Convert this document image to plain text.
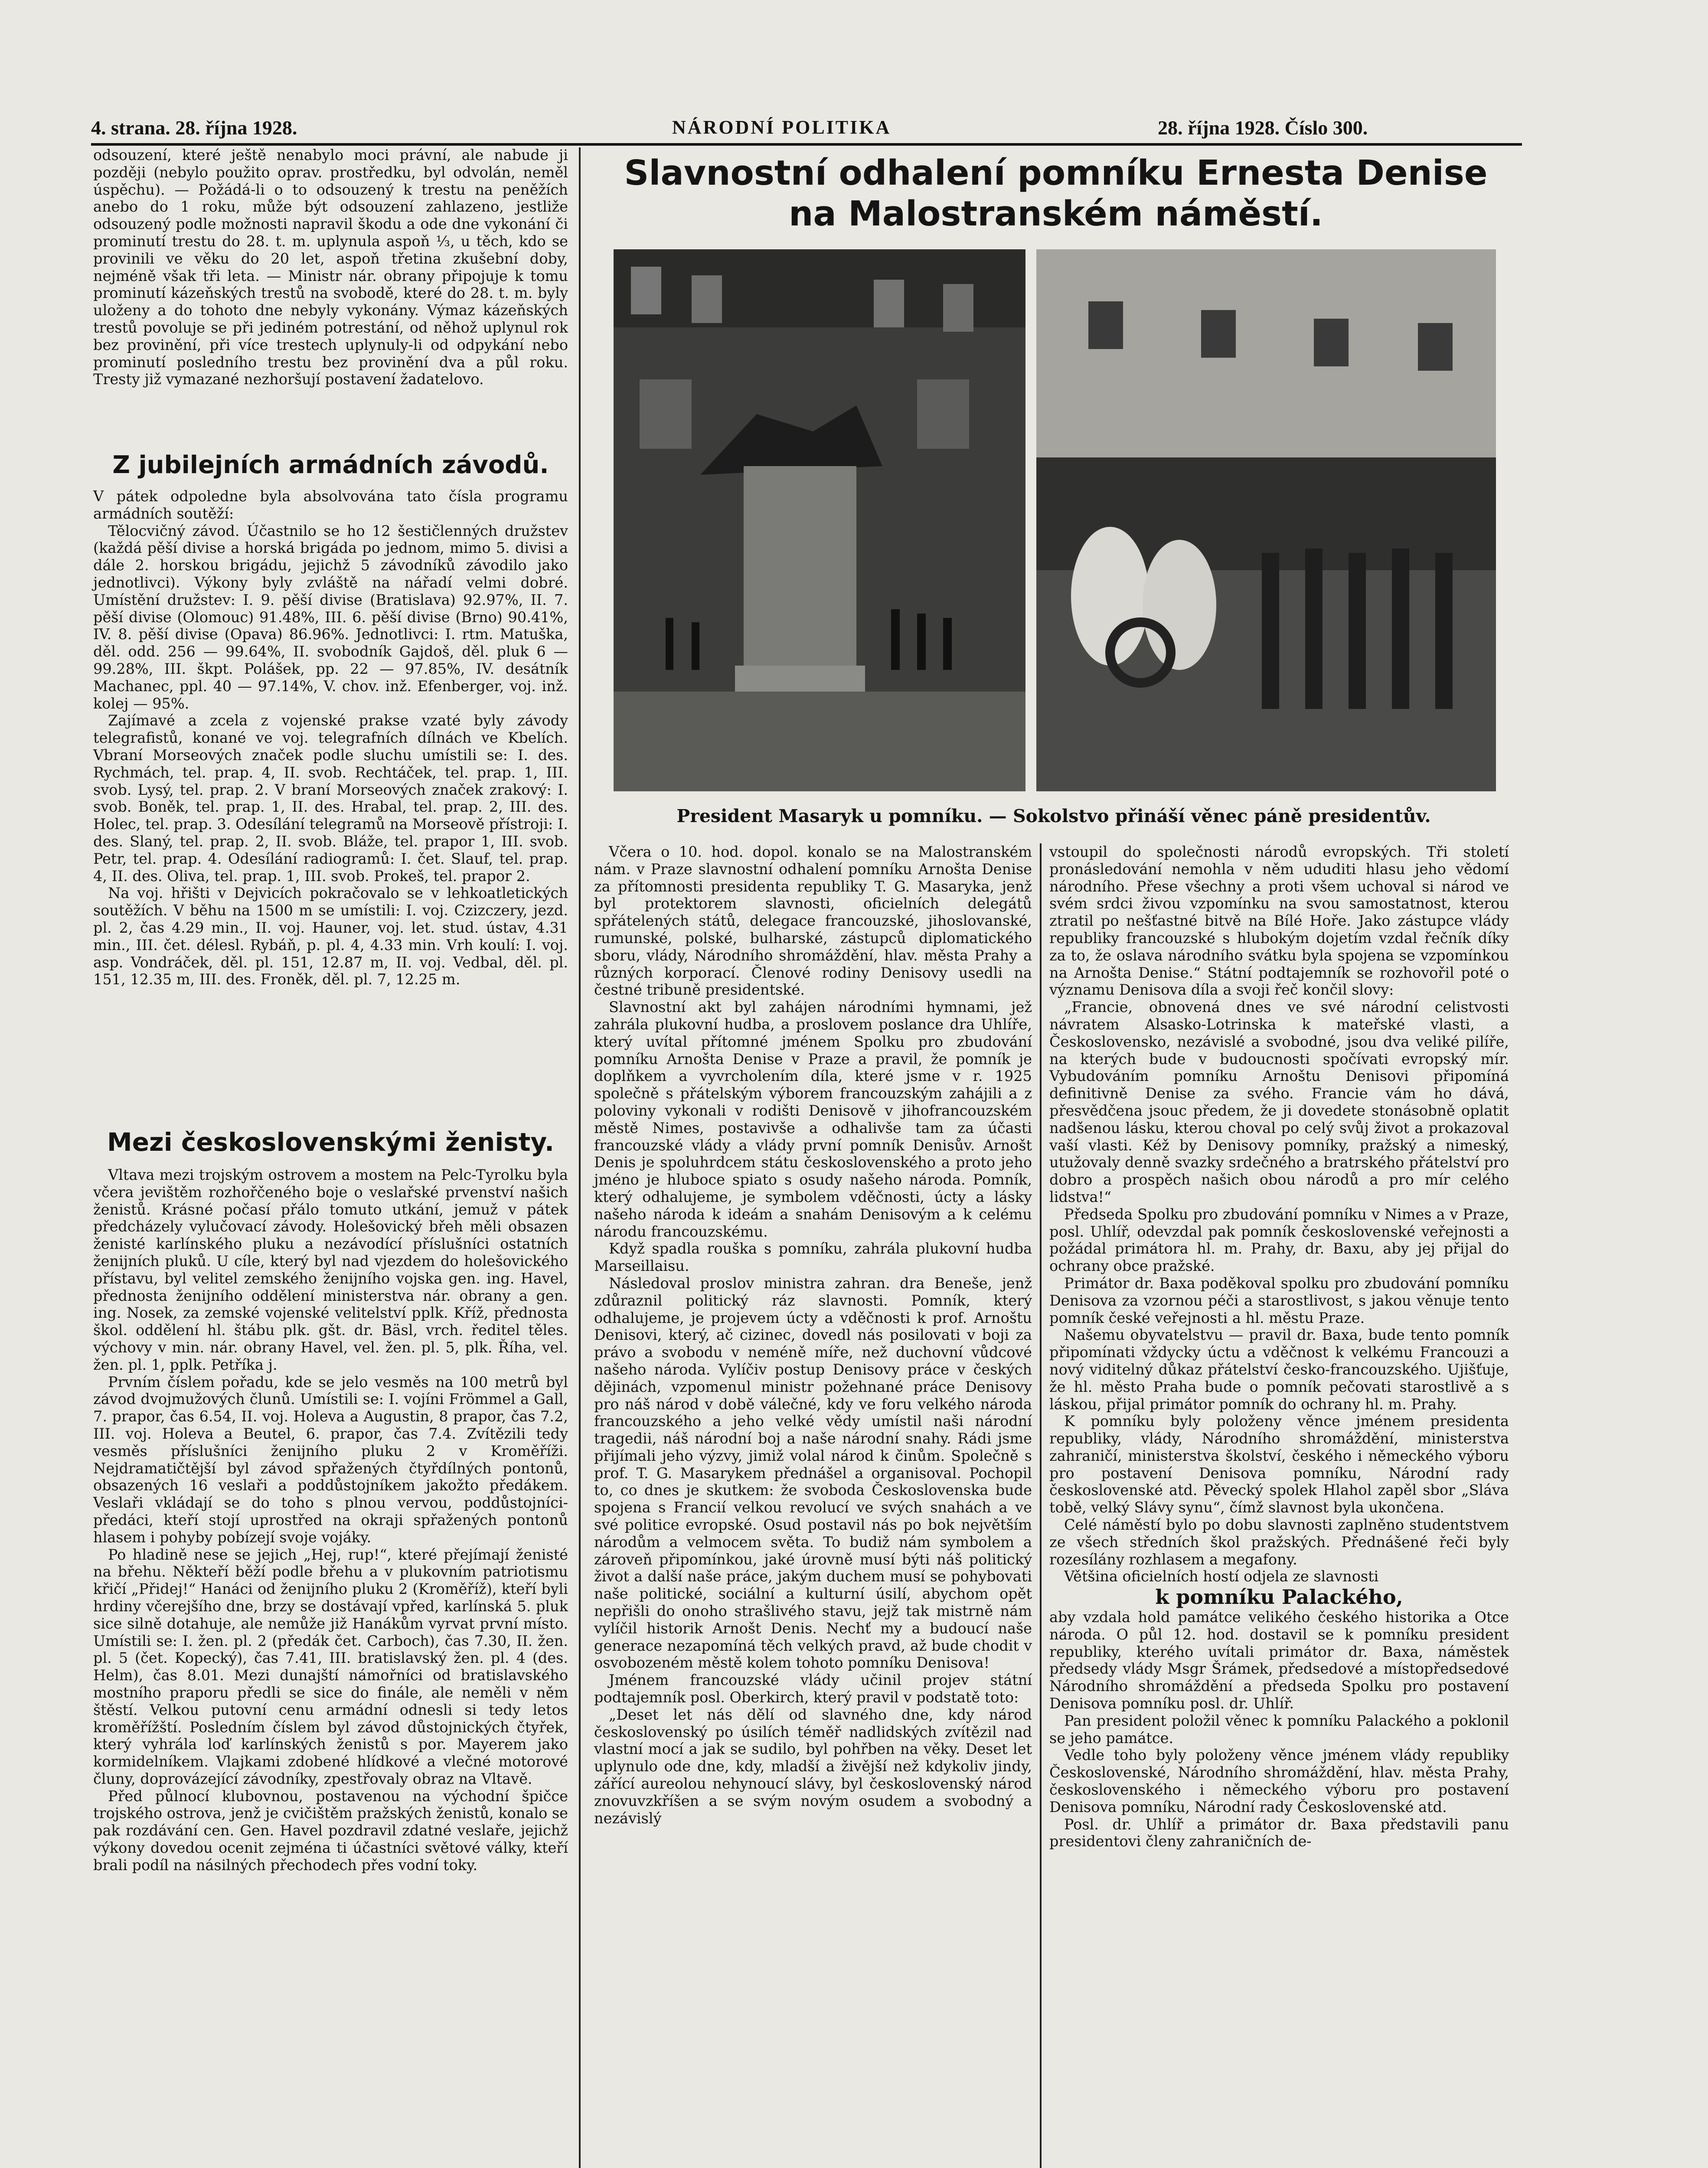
4. strana. 28. října 1928.	NÁRODNÍ POLITIKA	28. října 1928. Číslo 300.

odsouzení, které ještě nenabylo moci právní, ale nabude ji později (nebylo použito oprav. prostředku, byl odvolán, neměl úspěchu). — Požádá-li o to odsouzený k trestu na peněžích anebo do 1 roku, může být odsouzení zahlazeno, jestliže odsouzený podle možnosti napravil škodu a ode dne vykonání či prominutí trestu do 28. t. m. uplynula aspoň ⅓, u těch, kdo se provinili ve věku do 20 let, aspoň třetina zkušební doby, nejméně však tři leta. — Ministr nár. obrany připojuje k tomu prominutí kázeňských trestů na svobodě, které do 28. t. m. byly uloženy a do tohoto dne nebyly vykonány. Výmaz kázeňských trestů povoluje se při jediném potrestání, od něhož uplynul rok bez provinění, při více trestech uplynuly-li od odpykání nebo prominutí posledního trestu bez provinění dva a půl roku. Tresty již vymazané nezhoršují postavení žadatelovo.

Z jubilejních armádních závodů.

V pátek odpoledne byla absolvována tato čísla programu armádních soutěží:

Tělocvičný závod. Účastnilo se ho 12 šestičlenných družstev (každá pěší divise a horská brigáda po jednom, mimo 5. divisi a dále 2. horskou brigádu, jejichž 5 závodníků závodilo jako jednotlivci). Výkony byly zvláště na nářadí velmi dobré. Umístění družstev: I. 9. pěší divise (Bratislava) 92.97%, II. 7. pěší divise (Olomouc) 91.48%, III. 6. pěší divise (Brno) 90.41%, IV. 8. pěší divise (Opava) 86.96%. Jednotlivci: I. rtm. Matuška, děl. odd. 256 — 99.64%, II. svobodník Gajdoš, děl. pluk 6 — 99.28%, III. škpt. Polášek, pp. 22 — 97.85%, IV. desátník Machanec, ppl. 40 — 97.14%, V. chov. inž. Efenberger, voj. inž. kolej — 95%.

Zajímavé a zcela z vojenské prakse vzaté byly závody telegrafistů, konané ve voj. telegrafních dílnách ve Kbelích. Vbraní Morseových značek podle sluchu umístili se: I. des. Rychmách, tel. prap. 4, II. svob. Rechtáček, tel. prap. 1, III. svob. Lysý, tel. prap. 2. V braní Morseových značek zrakový: I. svob. Boněk, tel. prap. 1, II. des. Hrabal, tel. prap. 2, III. des. Holec, tel. prap. 3. Odesílání telegramů na Morseově přístroji: I. des. Slaný, tel. prap. 2, II. svob. Bláže, tel. prapor 1, III. svob. Petr, tel. prap. 4. Odesílání radiogramů: I. čet. Slauf, tel. prap. 4, II. des. Oliva, tel. prap. 1, III. svob. Prokeš, tel. prapor 2.

Na voj. hřišti v Dejvicích pokračovalo se v lehkoatletických soutěžích. V běhu na 1500 m se umístili: I. voj. Czizczery, jezd. pl. 2, čas 4.29 min., II. voj. Hauner, voj. let. stud. ústav, 4.31 min., III. čet. délesl. Rybáň, p. pl. 4, 4.33 min. Vrh koulí: I. voj. asp. Vondráček, děl. pl. 151, 12.87 m, II. voj. Vedbal, děl. pl. 151, 12.35 m, III. des. Froněk, děl. pl. 7, 12.25 m.

Mezi československými ženisty.

Vltava mezi trojským ostrovem a mostem na Pelc-Tyrolku byla včera jevištěm rozhořčeného boje o veslařské prvenství našich ženistů. Krásné počasí přálo tomuto utkání, jemuž v pátek předcházely vylučovací závody. Holešovický břeh měli obsazen ženisté karlínského pluku a nezávodící příslušníci ostatních ženijních pluků. U cíle, který byl nad vjezdem do holešovického přístavu, byl velitel zemského ženijního vojska gen. ing. Havel, přednosta ženijního oddělení ministerstva nár. obrany a gen. ing. Nosek, za zemské vojenské velitelství pplk. Kříž, přednosta škol. oddělení hl. štábu plk. gšt. dr. Bäsl, vrch. ředitel těles. výchovy v min. nár. obrany Havel, vel. žen. pl. 5, plk. Říha, vel. žen. pl. 1, pplk. Petříka j.

Prvním číslem pořadu, kde se jelo vesměs na 100 metrů byl závod dvojmužových člunů. Umístili se: I. vojíni Frömmel a Gall, 7. prapor, čas 6.54, II. voj. Holeva a Augustin, 8 prapor, čas 7.2, III. voj. Holeva a Beutel, 6. prapor, čas 7.4. Zvítězili tedy vesměs příslušníci ženijního pluku 2 v Kroměříži. Nejdramatičtější byl závod spřažených čtyřdílných pontonů, obsazených 16 veslaři a poddůstojníkem jakožto předákem. Veslaři vkládají se do toho s plnou vervou, poddůstojníci-předáci, kteří stojí uprostřed na okraji spřažených pontonů hlasem i pohyby pobízejí svoje vojáky.

Po hladině nese se jejich „Hej, rup!“, které přejímají ženisté na břehu. Někteří běží podle břehu a v plukovním patriotismu křičí „Přidej!“ Hanáci od ženijního pluku 2 (Kroměříž), kteří byli hrdiny včerejšího dne, brzy se dostávají vpřed, karlínská 5. pluk sice silně dotahuje, ale nemůže již Hanákům vyrvat první místo. Umístili se: I. žen. pl. 2 (předák čet. Carboch), čas 7.30, II. žen. pl. 5 (čet. Kopecký), čas 7.41, III. bratislavský žen. pl. 4 (des. Helm), čas 8.01. Mezi dunajští námořníci od bratislavského mostního praporu předli se sice do finále, ale neměli v něm štěstí. Velkou putovní cenu armádní odnesli si tedy letos kroměřížští. Posledním číslem byl závod důstojnických čtyřek, který vyhrála loď karlínských ženistů s por. Mayerem jako kormidelníkem. Vlajkami zdobené hlídkové a vlečné motorové čluny, doprovázející závodníky, zpestřovaly obraz na Vltavě.

Před půlnocí klubovnou, postavenou na východní špičce trojského ostrova, jenž je cvičištěm pražských ženistů, konalo se pak rozdávání cen. Gen. Havel pozdravil zdatné veslaře, jejichž výkony dovedou ocenit zejména ti účastníci světové války, kteří brali podíl na násilných přechodech přes vodní toky.

Slavnostní odhalení pomníku Ernesta Denise
na Malostranském náměstí.
President Masaryk u pomníku. — Sokolstvo přináší věnec páně presidentův.

Včera o 10. hod. dopol. konalo se na Malostranském nám. v Praze slavnostní odhalení pomníku Arnošta Denise za přítomnosti presidenta republiky T. G. Masaryka, jenž byl protektorem slavnosti, oficielních delegátů spřátelených států, delegace francouzské, jihoslovanské, rumunské, polské, bulharské, zástupců diplomatického sboru, vlády, Národního shromáždění, hlav. města Prahy a různých korporací. Členové rodiny Denisovy usedli na čestné tribuně presidentské.

Slavnostní akt byl zahájen národními hymnami, jež zahrála plukovní hudba, a proslovem poslance dra Uhlíře, který uvítal přítomné jménem Spolku pro zbudování pomníku Arnošta Denise v Praze a pravil, že pomník je doplňkem a vyvrcholením díla, které jsme v r. 1925 společně s přátelským výborem francouzským zahájili a z poloviny vykonali v rodišti Denisově v jihofrancouzském městě Nimes, postavivše a odhalivše tam za účasti francouzské vlády a vlády první pomník Denisův. Arnošt Denis je spoluhrdcem státu československého a proto jeho jméno je hluboce spiato s osudy našeho národa. Pomník, který odhalujeme, je symbolem vděčnosti, úcty a lásky našeho národa k ideám a snahám Denisovým a k celému národu francouzskému.

Když spadla rouška s pomníku, zahrála plukovní hudba Marseillaisu.

Následoval proslov ministra zahran. dra Beneše, jenž zdůraznil politický ráz slavnosti. Pomník, který odhalujeme, je projevem úcty a vděčnosti k prof. Arnoštu Denisovi, který, ač cizinec, dovedl nás posilovati v boji za právo a svobodu v neméně míře, než duchovní vůdcové našeho národa. Vylíčiv postup Denisovy práce v českých dějinách, vzpomenul ministr požehnané práce Denisovy pro náš národ v době válečné, kdy ve foru velkého národa francouzského a jeho velké vědy umístil naši národní tragedii, náš národní boj a naše národní snahy. Rádi jsme přijímali jeho výzvy, jimiž volal národ k činům. Společně s prof. T. G. Masarykem přednášel a organisoval. Pochopil to, co dnes je skutkem: že svoboda Československa bude spojena s Francií velkou revolucí ve svých snahách a ve své politice evropské. Osud postavil nás po bok největším národům a velmocem světa. To budiž nám symbolem a zároveň připomínkou, jaké úrovně musí býti náš politický život a další naše práce, jakým duchem musí se pohybovati naše politické, sociální a kulturní úsilí, abychom opět nepřišli do onoho strašlivého stavu, jejž tak mistrně nám vylíčil historik Arnošt Denis. Nechť my a budoucí naše generace nezapomíná těch velkých pravd, až bude chodit v osvobozeném městě kolem tohoto pomníku Denisova!

Jménem francouzské vlády učinil projev státní podtajemník posl. Oberkirch, který pravil v podstatě toto:

„Deset let nás dělí od slavného dne, kdy národ československý po úsilích téměř nadlidských zvítězil nad vlastní mocí a jak se sudilo, byl pohřben na věky. Deset let uplynulo ode dne, kdy, mladší a živější než kdykoliv jindy, zářící aureolou nehynoucí slávy, byl československý národ znovuvzkříšen a se svým novým osudem a svobodný a nezávislý

vstoupil do společnosti národů evropských. Tři století pronásledování nemohla v něm ududiti hlasu jeho vědomí národního. Přese všechny a proti všem uchoval si národ ve svém srdci živou vzpomínku na svou samostatnost, kterou ztratil po nešťastné bitvě na Bílé Hoře. Jako zástupce vlády republiky francouzské s hlubokým dojetím vzdal řečník díky za to, že oslava národního svátku byla spojena se vzpomínkou na Arnošta Denise.“ Státní podtajemník se rozhovořil poté o významu Denisova díla a svoji řeč končil slovy:

„Francie, obnovená dnes ve své národní celistvosti návratem Alsasko-Lotrinska k mateřské vlasti, a Československo, nezávislé a svobodné, jsou dva veliké pilíře, na kterých bude v budoucnosti spočívati evropský mír. Vybudováním pomníku Arnoštu Denisovi připomíná definitivně Denise za svého. Francie vám ho dává, přesvědčena jsouc předem, že ji dovedete stonásobně oplatit nadšenou lásku, kterou choval po celý svůj život a prokazoval vaší vlasti. Kéž by Denisovy pomníky, pražský a nimeský, utužovaly denně svazky srdečného a bratrského přátelství pro dobro a prospěch našich obou národů a pro mír celého lidstva!“

Předseda Spolku pro zbudování pomníku v Nimes a v Praze, posl. Uhlíř, odevzdal pak pomník československé veřejnosti a požádal primátora hl. m. Prahy, dr. Baxu, aby jej přijal do ochrany obce pražské.

Primátor dr. Baxa poděkoval spolku pro zbudování pomníku Denisova za vzornou péči a starostlivost, s jakou věnuje tento pomník české veřejnosti a hl. městu Praze.

Našemu obyvatelstvu — pravil dr. Baxa, bude tento pomník připomínati vždycky úctu a vděčnost k velkému Francouzi a nový viditelný důkaz přátelství česko-francouzského. Ujišťuje, že hl. město Praha bude o pomník pečovati starostlivě a s láskou, přijal primátor pomník do ochrany hl. m. Prahy.

K pomníku byly položeny věnce jménem presidenta republiky, vlády, Národního shromáždění, ministerstva zahraničí, ministerstva školství, českého i německého výboru pro postavení Denisova pomníku, Národní rady československé atd. Pěvecký spolek Hlahol zapěl sbor „Sláva tobě, velký Slávy synu“, čímž slavnost byla ukončena.

Celé náměstí bylo po dobu slavnosti zaplněno studentstvem ze všech středních škol pražských. Přednášené řeči byly rozesílány rozhlasem a megafony.

Většina oficielních hostí odjela ze slavnosti

k pomníku Palackého,

aby vzdala hold památce velikého českého historika a Otce národa. O půl 12. hod. dostavil se k pomníku president republiky, kterého uvítali primátor dr. Baxa, náměstek předsedy vlády Msgr Šrámek, předsedové a místopředsedové Národního shromáždění a předseda Spolku pro postavení Denisova pomníku posl. dr. Uhlíř.

Pan president položil věnec k pomníku Palackého a poklonil se jeho památce.

Vedle toho byly položeny věnce jménem vlády republiky Československé, Národního shromáždění, hlav. města Prahy, československého i německého výboru pro postavení Denisova pomníku, Národní rady Československé atd.

Posl. dr. Uhlíř a primátor dr. Baxa představili panu presidentovi členy zahraničních de-
